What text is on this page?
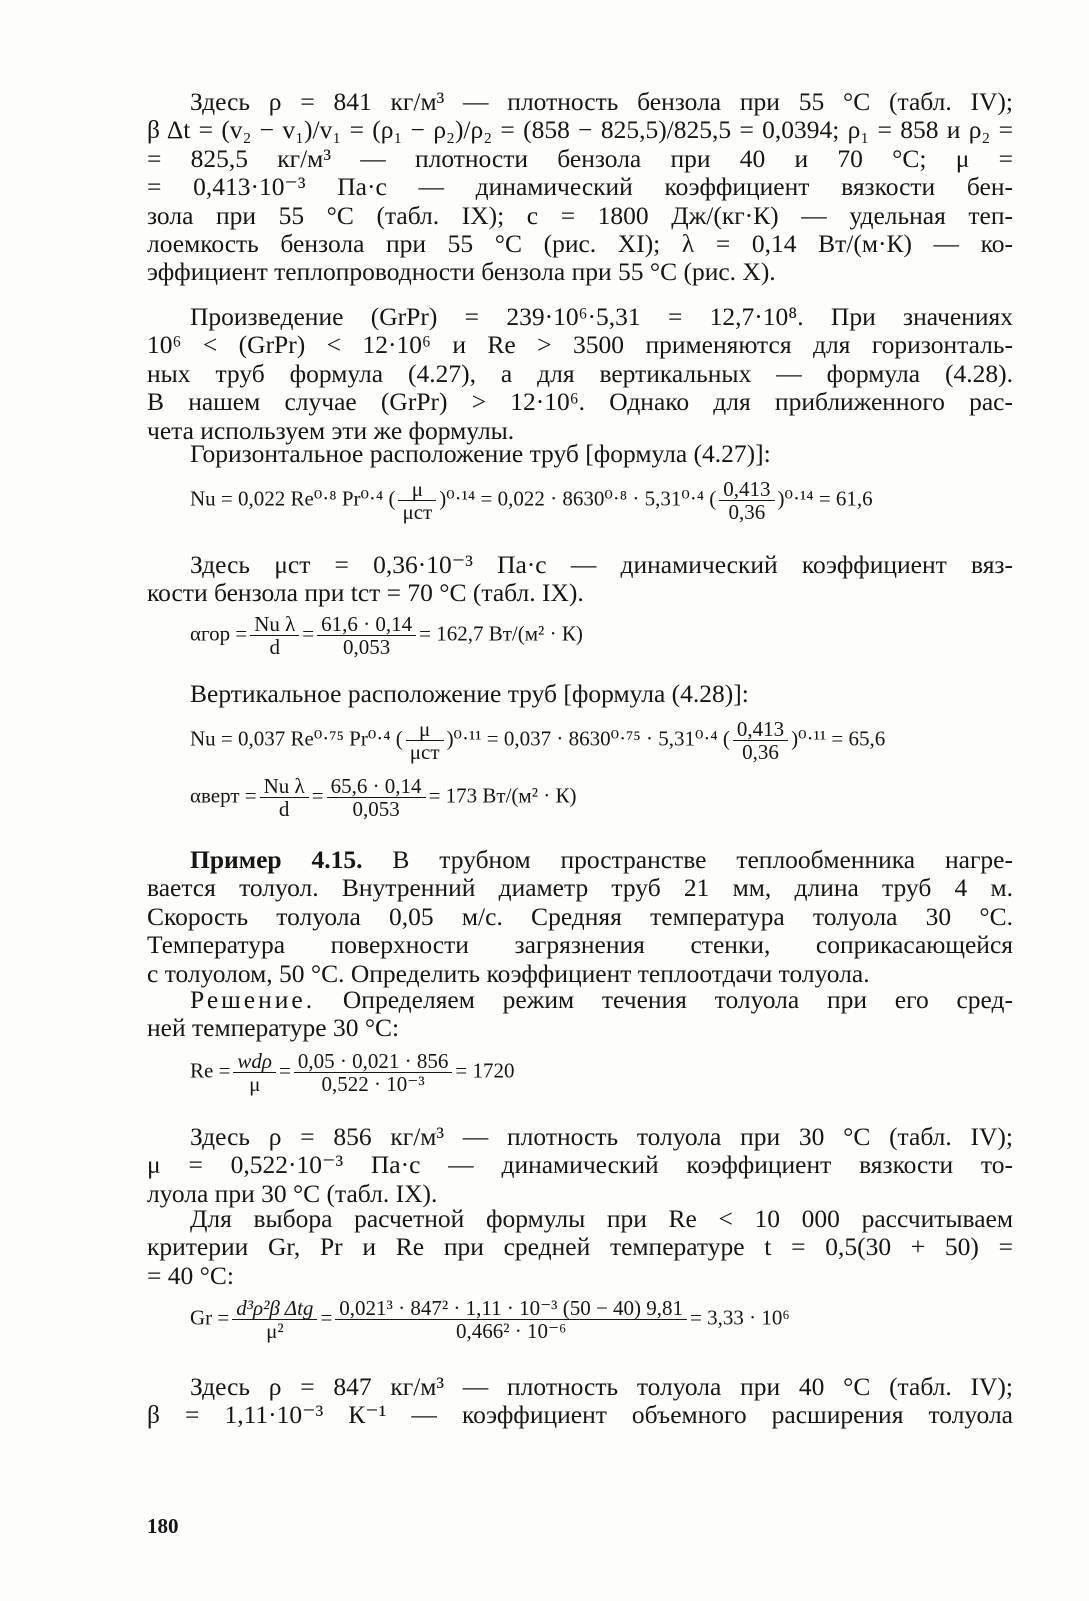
Здесь ρ = 841 кг/м³ — плотность бензола при 55 °С (табл. IV);
β Δt = (v₂ − v₁)/v₁ = (ρ₁ − ρ₂)/ρ₂ = (858 − 825,5)/825,5 = 0,0394; ρ₁ = 858 и ρ₂ =
= 825,5 кг/м³ — плотности бензола при 40 и 70 °С; μ =
= 0,413·10⁻³ Па·с — динамический коэффициент вязкости бен-
зола при 55 °С (табл. IX); c = 1800 Дж/(кг·К) — удельная теп-
лоемкость бензола при 55 °С (рис. XI); λ = 0,14 Вт/(м·К) — ко-
эффициент теплопроводности бензола при 55 °С (рис. X).
Произведение (GrPr) = 239·10⁶·5,31 = 12,7·10⁸. При значениях
10⁶ < (GrPr) < 12·10⁶ и Re > 3500 применяются для горизонталь-
ных труб формула (4.27), а для вертикальных — формула (4.28).
В нашем случае (GrPr) > 12·10⁶. Однако для приближенного рас-
чета используем эти же формулы.
Горизонтальное расположение труб [формула (4.27)]:
Nu = 0,022 Re⁰·⁸ Pr⁰·⁴ ( $\frac{\mu}{\text{μст}} )^0\cdot^{14} = 0,022 \cdot 8630^0\cdot^8 \cdot 5,31^0\cdot^4$ ( $\frac{0,413}{0,36} )^0\cdot^{14} = 61,6$
Здесь μст = 0,36·10⁻³ Па·с — динамический коэффициент вяз-
кости бензола при tст = 70 °С (табл. IX).
$\alpha гор = \frac{\text{Nu λ}}{d} = \frac{61,6 \cdot 0,14}{0,053} = 162,7$ Вт/(м² · К)
Вертикальное расположение труб [формула (4.28)]:
Nu = 0,037 Re⁰·⁷⁵ Pr⁰·⁴ ( $\frac{\mu}{\text{μст}} )^0\cdot^{11} = 0,037 \cdot 8630^0\cdot^{75} \cdot 5,31^0\cdot^4$ ( $\frac{0,413}{0,36} )^0\cdot^{11} = 65,6$
αверт = $\frac{\text{Nu λ}}{d} = \frac{65,6 \cdot 0,14}{0,053} = 173$ Вт/(м² · К)
Пример 4.15. В трубном пространстве теплообменника нагре-
вается толуол. Внутренний диаметр труб 21 мм, длина труб 4 м.
Скорость толуола 0,05 м/с. Средняя температура толуола 30 °С.
Температура поверхности загрязнения стенки, соприкасающейся
с толуолом, 50 °С. Определить коэффициент теплоотдачи толуола.
Решение. Определяем режим течения толуола при его сред-
ней температуре 30 °С:
$Re = \frac{\text{wdρ}}{\mu} = \frac{0,05 \cdot 0,021 \cdot 856}{\text{0,522 · 10⁻³}} = 1720$
Здесь ρ = 856 кг/м³ — плотность толуола при 30 °С (табл. IV);
μ = 0,522·10⁻³ Па·с — динамический коэффициент вязкости то-
луола при 30 °С (табл. IX).
Для выбора расчетной формулы при Re < 10 000 рассчитываем
критерии Gr, Pr и Re при средней температуре t = 0,5(30 + 50) =
= 40 °С:
$Gr = \frac{\text{d³ρ²β Δtg}}{\text{μ²}} = \frac{\text{0,021³ · 847² · 1,11 · 10⁻³ (50 − 40) 9,81}}{\text{0,466² · 10⁻⁶}} = 3,33 \cdot 10^6$
Здесь ρ = 847 кг/м³ — плотность толуола при 40 °С (табл. IV);
β = 1,11·10⁻³ К⁻¹ — коэффициент объемного расширения толуола
180
